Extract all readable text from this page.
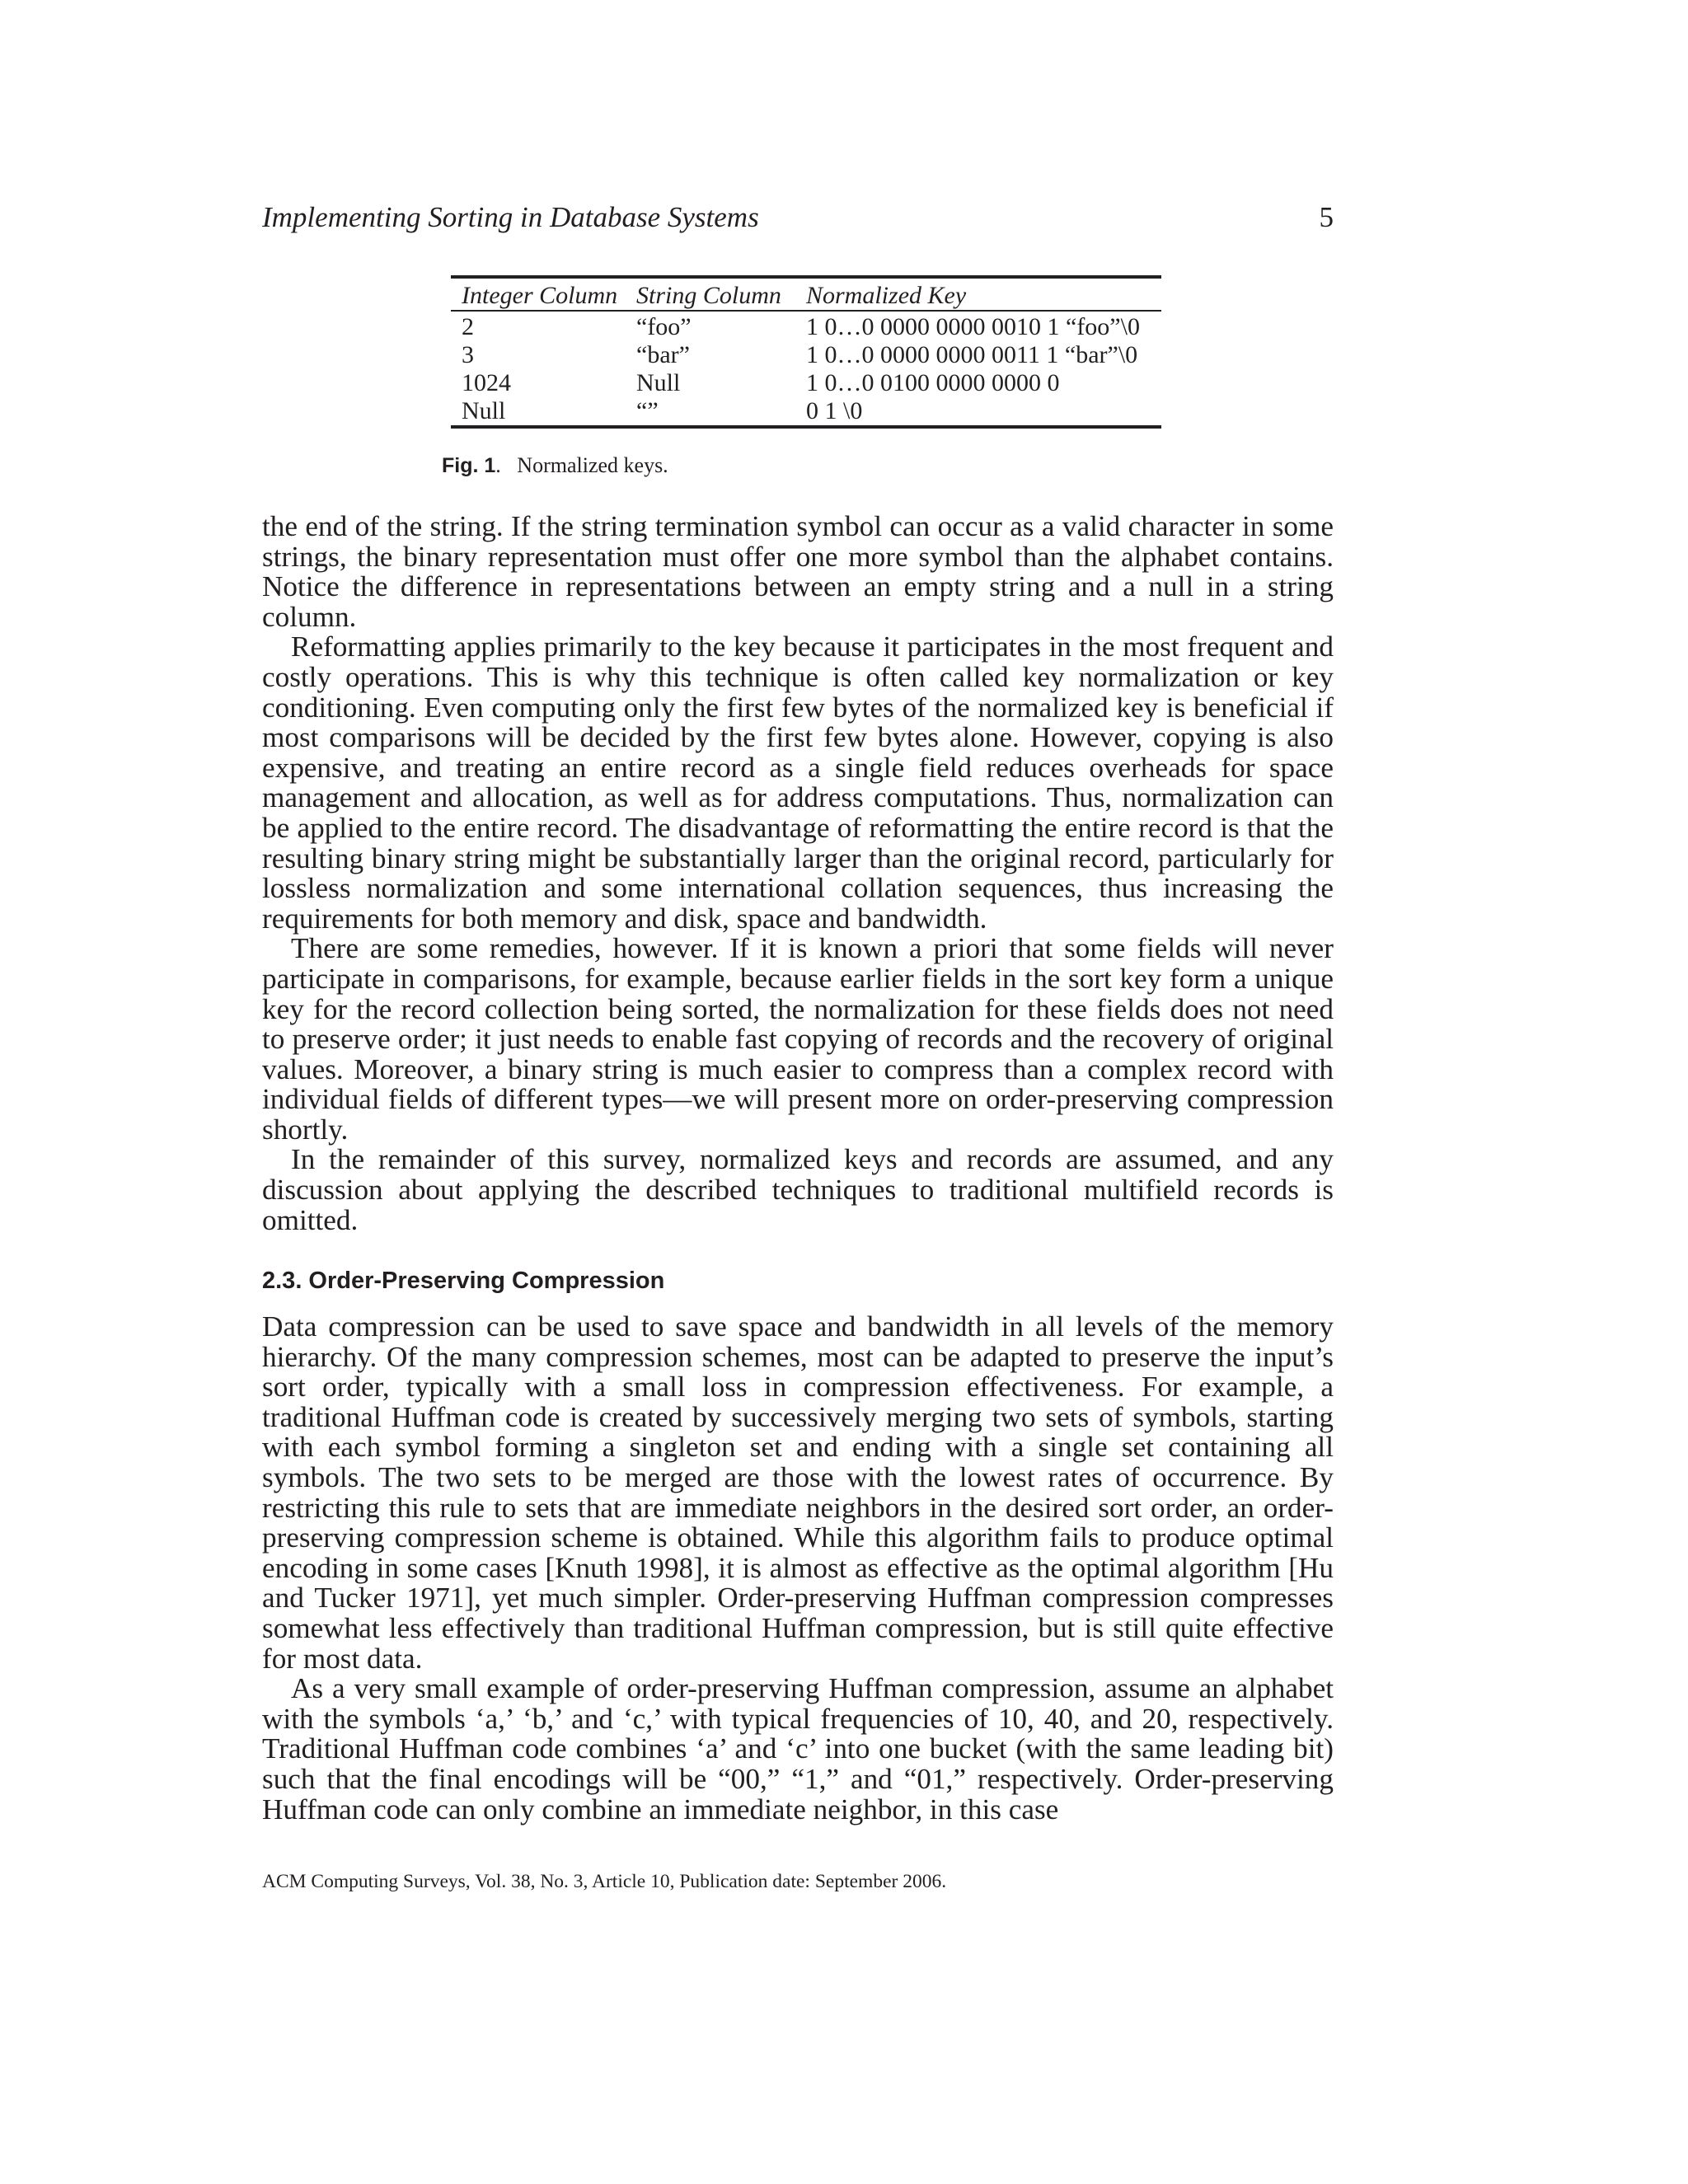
Implementing Sorting in Database Systems	5
Integer Column	String Column	Normalized Key
2	“foo”	1 0…0 0000 0000 0010 1 “foo”\0
3	“bar”	1 0…0 0000 0000 0011 1 “bar”\0
1024	Null	1 0…0 0100 0000 0000 0
Null	“”	0 1 \0
Fig. 1.   Normalized keys.

the end of the string. If the string termination symbol can occur as a valid character in some strings, the binary representation must offer one more symbol than the alphabet contains. Notice the difference in representations between an empty string and a null in a string column.

Reformatting applies primarily to the key because it participates in the most frequent and costly operations. This is why this technique is often called key normalization or key conditioning. Even computing only the first few bytes of the normalized key is beneficial if most comparisons will be decided by the first few bytes alone. However, copying is also expensive, and treating an entire record as a single field reduces overheads for space management and allocation, as well as for address computations. Thus, normalization can be applied to the entire record. The disadvantage of reformatting the entire record is that the resulting binary string might be substantially larger than the original record, particularly for lossless normalization and some international collation sequences, thus increasing the requirements for both memory and disk, space and bandwidth.

There are some remedies, however. If it is known a priori that some fields will never participate in comparisons, for example, because earlier fields in the sort key form a unique key for the record collection being sorted, the normalization for these fields does not need to preserve order; it just needs to enable fast copying of records and the recovery of original values. Moreover, a binary string is much easier to compress than a complex record with individual fields of different types—we will present more on order-preserving compression shortly.

In the remainder of this survey, normalized keys and records are assumed, and any discussion about applying the described techniques to traditional multifield records is omitted.

2.3. Order-Preserving Compression

Data compression can be used to save space and bandwidth in all levels of the memory hierarchy. Of the many compression schemes, most can be adapted to preserve the input’s sort order, typically with a small loss in compression effectiveness. For example, a traditional Huffman code is created by successively merging two sets of symbols, starting with each symbol forming a singleton set and ending with a single set containing all symbols. The two sets to be merged are those with the lowest rates of occurrence. By restricting this rule to sets that are immediate neighbors in the desired sort order, an order-preserving compression scheme is obtained. While this algorithm fails to produce optimal encoding in some cases [Knuth 1998], it is almost as effective as the optimal algorithm [Hu and Tucker 1971], yet much simpler. Order-preserving Huffman compression compresses somewhat less effectively than traditional Huffman compression, but is still quite effective for most data.

As a very small example of order-preserving Huffman compression, assume an alphabet with the symbols ‘a,’ ‘b,’ and ‘c,’ with typical frequencies of 10, 40, and 20, respectively. Traditional Huffman code combines ‘a’ and ‘c’ into one bucket (with the same leading bit) such that the final encodings will be “00,” “1,” and “01,” respectively. Order-preserving Huffman code can only combine an immediate neighbor, in this case

ACM Computing Surveys, Vol. 38, No. 3, Article 10, Publication date: September 2006.
